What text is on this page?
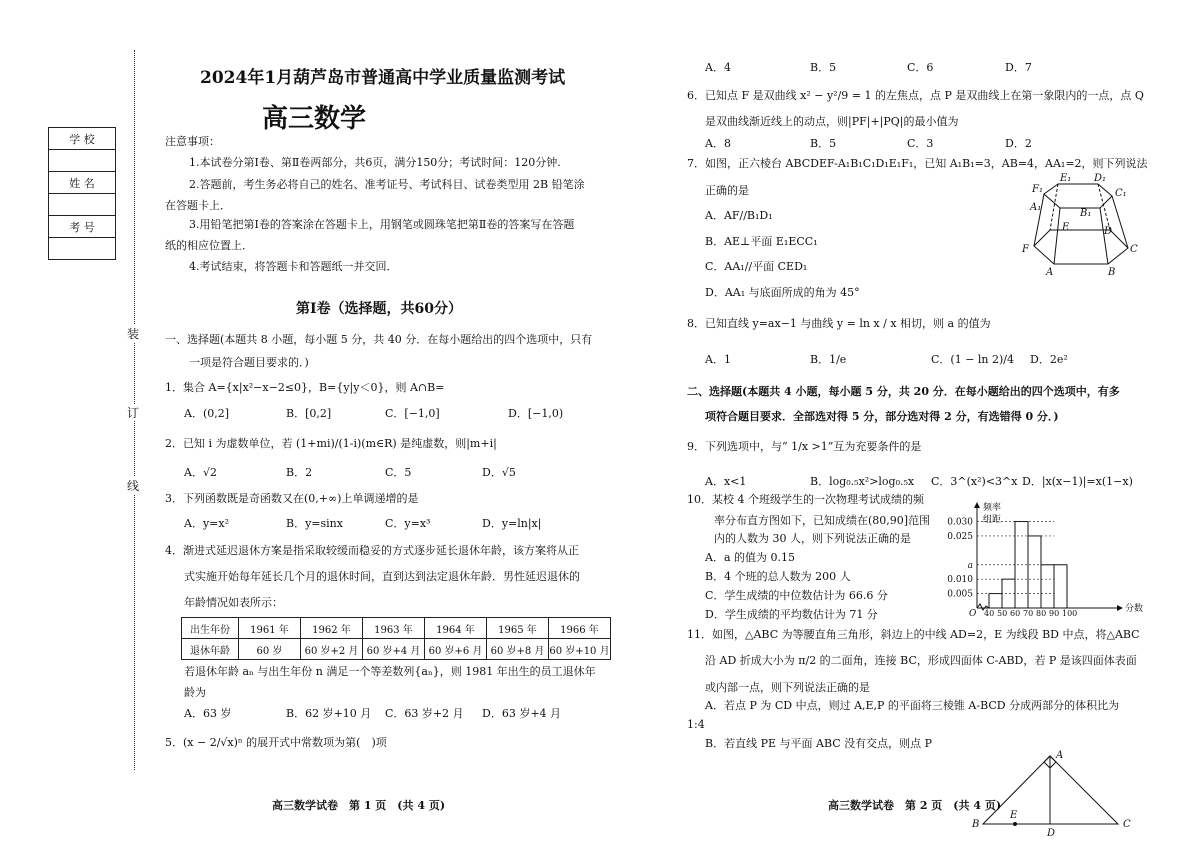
2024年1月葫芦岛市普通高中学业质量监测考试
高三数学
学 校

姓 名

考 号

装
订
线
注意事项：
1.本试卷分第Ⅰ卷、第Ⅱ卷两部分，共6页，满分150分；考试时间：120分钟.
2.答题前，考生务必将自己的姓名、准考证号、考试科目、试卷类型用 2B 铅笔涂
在答题卡上．
3.用铅笔把第Ⅰ卷的答案涂在答题卡上，用钢笔或圆珠笔把第Ⅱ卷的答案写在答题
纸的相应位置上．
4.考试结束，将答题卡和答题纸一并交回．
第Ⅰ卷（选择题，共60分）
一、选择题(本题共 8 小题，每小题 5 分，共 40 分．在每小题给出的四个选项中，只有
一项是符合题目要求的．)
1．集合 A={x|x²−x−2≤0}，B={y|y＜0}，则 A∩B=
A．(0,2]	B．[0,2]	C．[−1,0]	D．[−1,0)
2．已知 i 为虚数单位，若 (1+mi)/(1-i)(m∈R) 是纯虚数，则|m+i|
A．√2	B．2	C．5	D．√5
3．下列函数既是奇函数又在(0,+∞)上单调递增的是
A．y=x²	B．y=sinx	C．y=x³	D．y=ln|x|
4．渐进式延迟退休方案是指采取较缓而稳妥的方式逐步延长退休年龄，该方案将从正
式实施开始每年延长几个月的退休时间，直到达到法定退休年龄．男性延迟退休的
年龄情况如表所示：
出生年份	1961 年	1962 年	1963 年	1964 年	1965 年	1966 年
退休年龄	60 岁	60 岁+2 月	60 岁+4 月	60 岁+6 月	60 岁+8 月	60 岁+10 月
若退休年龄 aₙ 与出生年份 n 满足一个等差数列{aₙ}，则 1981 年出生的员工退休年
龄为
A．63 岁	B．62 岁+10 月 C．63 岁+2 月 D．63 岁+4 月
5．(x − 2/√x)ⁿ 的展开式中常数项为第(　)项
高三数学试卷　第 1 页　(共 4 页)
A．4	B．5	C．6	D．7
6．已知点 F 是双曲线 x² − y²/9 = 1 的左焦点，点 P 是双曲线上在第一象限内的一点，点 Q
是双曲线渐近线上的动点，则|PF|+|PQ|的最小值为
A．8	B．5	C．3	D．2
7．如图，正六棱台 ABCDEF-A₁B₁C₁D₁E₁F₁，已知 A₁B₁=3，AB=4，AA₁=2，则下列说法
正确的是
A．AF//B₁D₁
B．AE⊥平面 E₁ECC₁
C．AA₁//平面 CED₁
D．AA₁ 与底面所成的角为 45°
E₁ D₁
F₁	C₁
A₁
B₁
E	D
F	C
A	B
8．已知直线 y=ax−1 与曲线 y = ln x / x 相切，则 a 的值为
A．1	B．1/e	C．(1 − ln 2)/4 D．2e²
二、选择题(本题共 4 小题，每小题 5 分，共 20 分．在每小题给出的四个选项中，有多
项符合题目要求．全部选对得 5 分，部分选对得 2 分，有选错得 0 分．)
9．下列选项中，与“ 1/x >1”互为充要条件的是
A．x<1	B．log₀.₅x²>log₀.₅x C．3^(x²)<3^x D．|x(x−1)|=x(1−x)
10．某校 4 个班级学生的一次物理考试成绩的频
率分布直方图如下，已知成绩在(80,90]范围
内的人数为 30 人，则下列说法正确的是
A．a 的值为 0.15
B．4 个班的总人数为 200 人
C．学生成绩的中位数估计为 66.6 分
D．学生成绩的平均数估计为 71 分
频率
组距
分数
O 40 50 60 70 80 90 100
0.030
0.025
a
0.010
0.005
11．如图，△ABC 为等腰直角三角形，斜边上的中线 AD=2，E 为线段 BD 中点，将△ABC
沿 AD 折成大小为 π/2 的二面角，连接 BC，形成四面体 C-ABD，若 P 是该四面体表面
或内部一点，则下列说法正确的是
A．若点 P 为 CD 中点，则过 A,E,P 的平面将三棱锥 A-BCD 分成两部分的体积比为
1:4
B．若直线 PE 与平面 ABC 没有交点，则点 P
A
B
E
D
C
高三数学试卷　第 2 页　(共 4 页)
